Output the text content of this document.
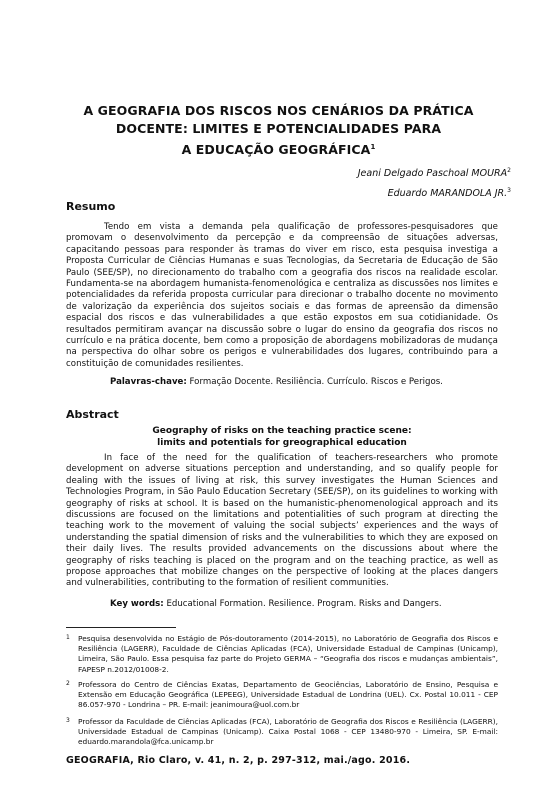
A GEOGRAFIA DOS RISCOS NOS CENÁRIOS DA PRÁTICA
DOCENTE: LIMITES E POTENCIALIDADES PARA
A EDUCAÇÃO GEOGRÁFICA$^1$
Jeani Delgado Paschoal MOURA$^2$
Eduardo MARANDOLA JR.$^3$
Resumo
Tendo em vista a demanda pela qualificação de professores-pesquisadores que promovam o desenvolvimento da percepção e da compreensão de situações adversas, capacitando pessoas para responder às tramas do viver em risco, esta pesquisa investiga a Proposta Curricular de Ciências Humanas e suas Tecnologias, da Secretaria de Educação de São Paulo (SEE/SP), no direcionamento do trabalho com a geografia dos riscos na realidade escolar. Fundamenta-se na abordagem humanista-fenomenológica e centraliza as discussões nos limites e potencialidades da referida proposta curricular para direcionar o trabalho docente no movimento de valorização da experiência dos sujeitos sociais e das formas de apreensão da dimensão espacial dos riscos e das vulnerabilidades a que estão expostos em sua cotidianidade. Os resultados permitiram avançar na discussão sobre o lugar do ensino da geografia dos riscos no currículo e na prática docente, bem como a proposição de abordagens mobilizadoras de mudança na perspectiva do olhar sobre os perigos e vulnerabilidades dos lugares, contribuindo para a constituição de comunidades resilientes.
Palavras-chave: Formação Docente. Resiliência. Currículo. Riscos e Perigos.
Abstract
Geography of risks on the teaching practice scene:
limits and potentials for greographical education
In face of the need for the qualification of teachers-researchers who promote development on adverse situations perception and understanding, and so qualify people for dealing with the issues of living at risk, this survey investigates the Human Sciences and Technologies Program, in São Paulo Education Secretary (SEE/SP), on its guidelines to working with geography of risks at school. It is based on the humanistic-phenomenological approach and its discussions are focused on the limitations and potentialities of such program at directing the teaching work to the movement of valuing the social subjects’ experiences and the ways of understanding the spatial dimension of risks and the vulnerabilities to which they are exposed on their daily lives. The results provided advancements on the discussions about where the geography of risks teaching is placed on the program and on the teaching practice, as well as propose approaches that mobilize changes on the perspective of looking at the places dangers and vulnerabilities, contributing to the formation of resilient communities.
Key words: Educational Formation. Resilience. Program. Risks and Dangers.
1 Pesquisa desenvolvida no Estágio de Pós-doutoramento (2014-2015), no Laboratório de Geografia dos Riscos e Resiliência (LAGERR), Faculdade de Ciências Aplicadas (FCA), Universidade Estadual de Campinas (Unicamp), Limeira, São Paulo. Essa pesquisa faz parte do Projeto GERMA – “Geografia dos riscos e mudanças ambientais”, FAPESP n.2012/01008-2.
2 Professora do Centro de Ciências Exatas, Departamento de Geociências, Laboratório de Ensino, Pesquisa e Extensão em Educação Geográfica (LEPEEG), Universidade Estadual de Londrina (UEL). Cx. Postal 10.011 - CEP 86.057-970 - Londrina – PR. E-mail: jeanimoura@uol.com.br
3 Professor da Faculdade de Ciências Aplicadas (FCA), Laboratório de Geografia dos Riscos e Resiliência (LAGERR), Universidade Estadual de Campinas (Unicamp). Caixa Postal 1068 - CEP 13480-970 - Limeira, SP. E-mail: eduardo.marandola@fca.unicamp.br
GEOGRAFIA, Rio Claro, v. 41, n. 2, p. 297-312, mai./ago. 2016.
